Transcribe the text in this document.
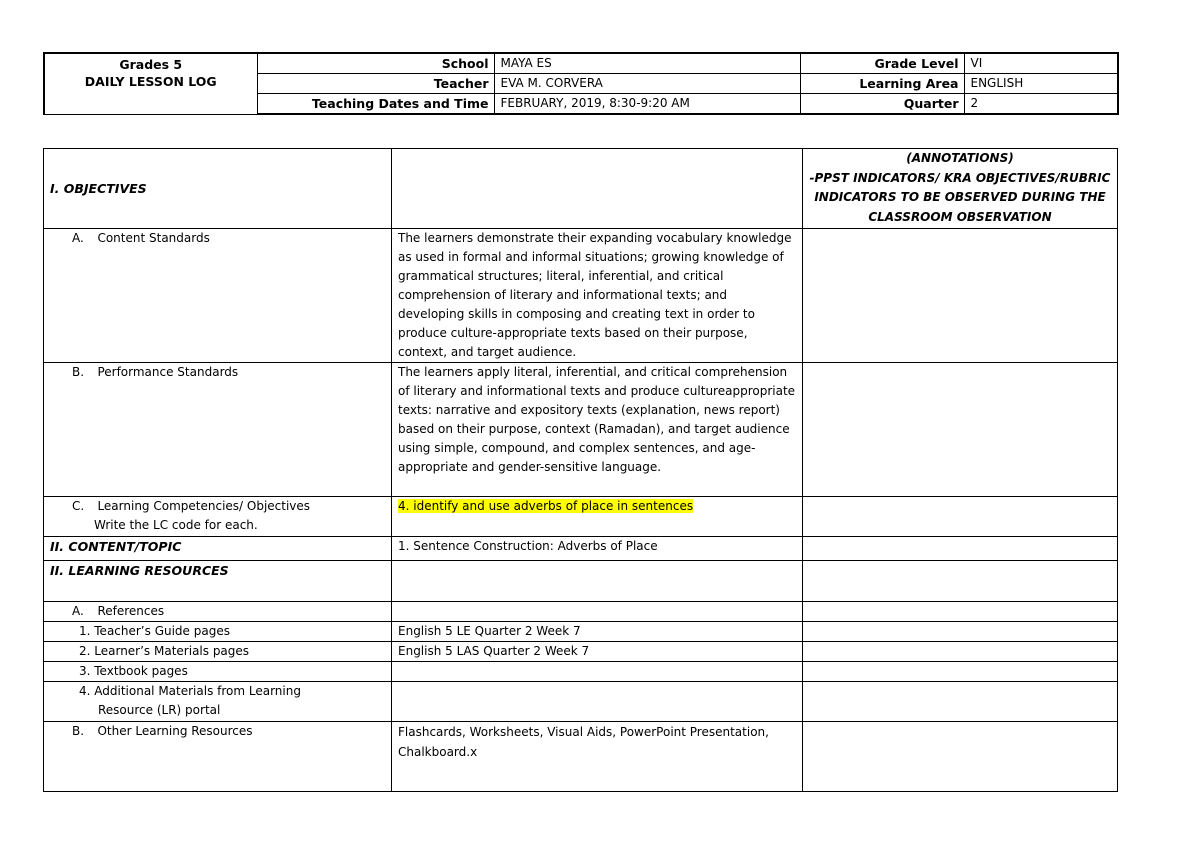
Grades 5
DAILY LESSON LOG	School	MAYA ES	Grade Level	VI
	Teacher	EVA M. CORVERA	Learning Area	ENGLISH
	Teaching Dates and Time	FEBRUARY, 2019, 8:30-9:20 AM	Quarter	2
I. OBJECTIVES		(ANNOTATIONS)
-PPST INDICATORS/ KRA OBJECTIVES/RUBRIC INDICATORS TO BE OBSERVED DURING THE CLASSROOM OBSERVATION

A. Content Standards	The learners demonstrate their expanding vocabulary knowledge as used in formal and informal situations; growing knowledge of grammatical structures; literal, inferential, and critical comprehension of literary and informational texts; and developing skills in composing and creating text in order to produce culture-appropriate texts based on their purpose, context, and target audience.	
B. Performance Standards	The learners apply literal, inferential, and critical comprehension of literary and informational texts and produce cultureappropriate texts: narrative and expository texts (explanation, news report) based on their purpose, context (Ramadan), and target audience using simple, compound, and complex sentences, and age-appropriate and gender-sensitive language.	
C. Learning Competencies/ Objectives
Write the LC code for each.	4. identify and use adverbs of place in sentences	
II. CONTENT/TOPIC	1. Sentence Construction: Adverbs of Place	
II. LEARNING RESOURCES		
A. References		
1. Teacher’s Guide pages	English 5 LE Quarter 2 Week 7	
2. Learner’s Materials pages	English 5 LAS Quarter 2 Week 7	
3. Textbook pages		
4. Additional Materials from Learning
Resource (LR) portal		

B. Other Learning Resources	Flashcards, Worksheets, Visual Aids, PowerPoint Presentation, Chalkboard.x	
